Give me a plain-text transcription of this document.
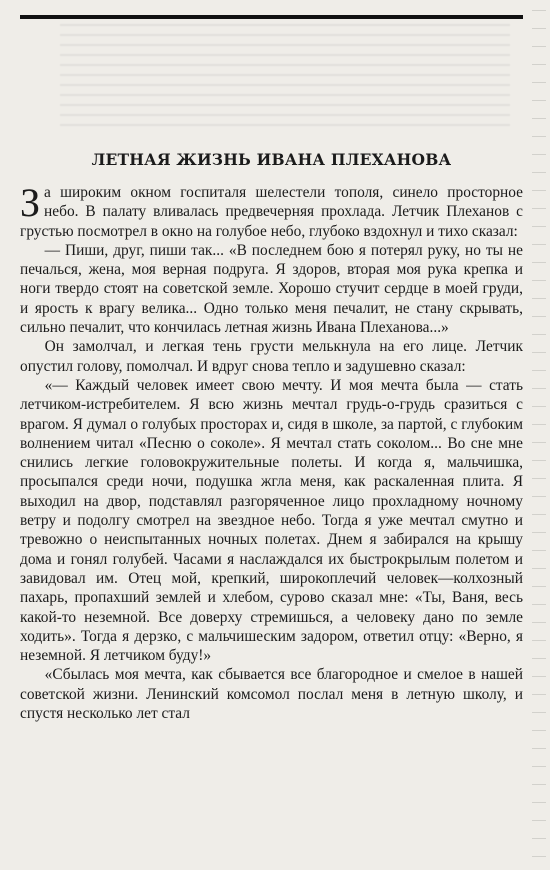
ЛЕТНАЯ ЖИЗНЬ ИВАНА ПЛЕХАНОВА

За широким окном госпиталя шелестели тополя, синело просторное небо. В палату вливалась предвечерняя прохлада. Летчик Плеханов с грустью посмотрел в окно на голубое небо, глубоко вздохнул и тихо сказал:

— Пиши, друг, пиши так... «В последнем бою я потерял руку, но ты не печалься, жена, моя верная подруга. Я здоров, вторая моя рука крепка и ноги твердо стоят на советской земле. Хорошо стучит сердце в моей груди, и ярость к врагу велика... Одно только меня печалит, не стану скрывать, сильно печалит, что кончилась летная жизнь Ивана Плеханова...»

Он замолчал, и легкая тень грусти мелькнула на его лице. Летчик опустил голову, помолчал. И вдруг снова тепло и задушевно сказал:

«— Каждый человек имеет свою мечту. И моя мечта была — стать летчиком-истребителем. Я всю жизнь мечтал грудь-о-грудь сразиться с врагом. Я думал о голубых просторах и, сидя в школе, за партой, с глубоким волнением читал «Песню о соколе». Я мечтал стать соколом... Во сне мне снились легкие головокружительные полеты. И когда я, мальчишка, просыпался среди ночи, подушка жгла меня, как раскаленная плита. Я выходил на двор, подставлял разгоряченное лицо прохладному ночному ветру и подолгу смотрел на звездное небо. Тогда я уже мечтал смутно и тревожно о неиспытанных ночных полетах. Днем я забирался на крышу дома и гонял голубей. Часами я наслаждался их быстрокрылым полетом и завидовал им. Отец мой, крепкий, широкоплечий человек—колхозный пахарь, пропахший землей и хлебом, сурово сказал мне: «Ты, Ваня, весь какой-то неземной. Все доверху стремишься, а человеку дано по земле ходить». Тогда я дерзко, с мальчишеским задором, ответил отцу: «Верно, я неземной. Я летчиком буду!»

«Сбылась моя мечта, как сбывается все благородное и смелое в нашей советской жизни. Ленинский комсомол послал меня в летную школу, и спустя несколько лет стал
